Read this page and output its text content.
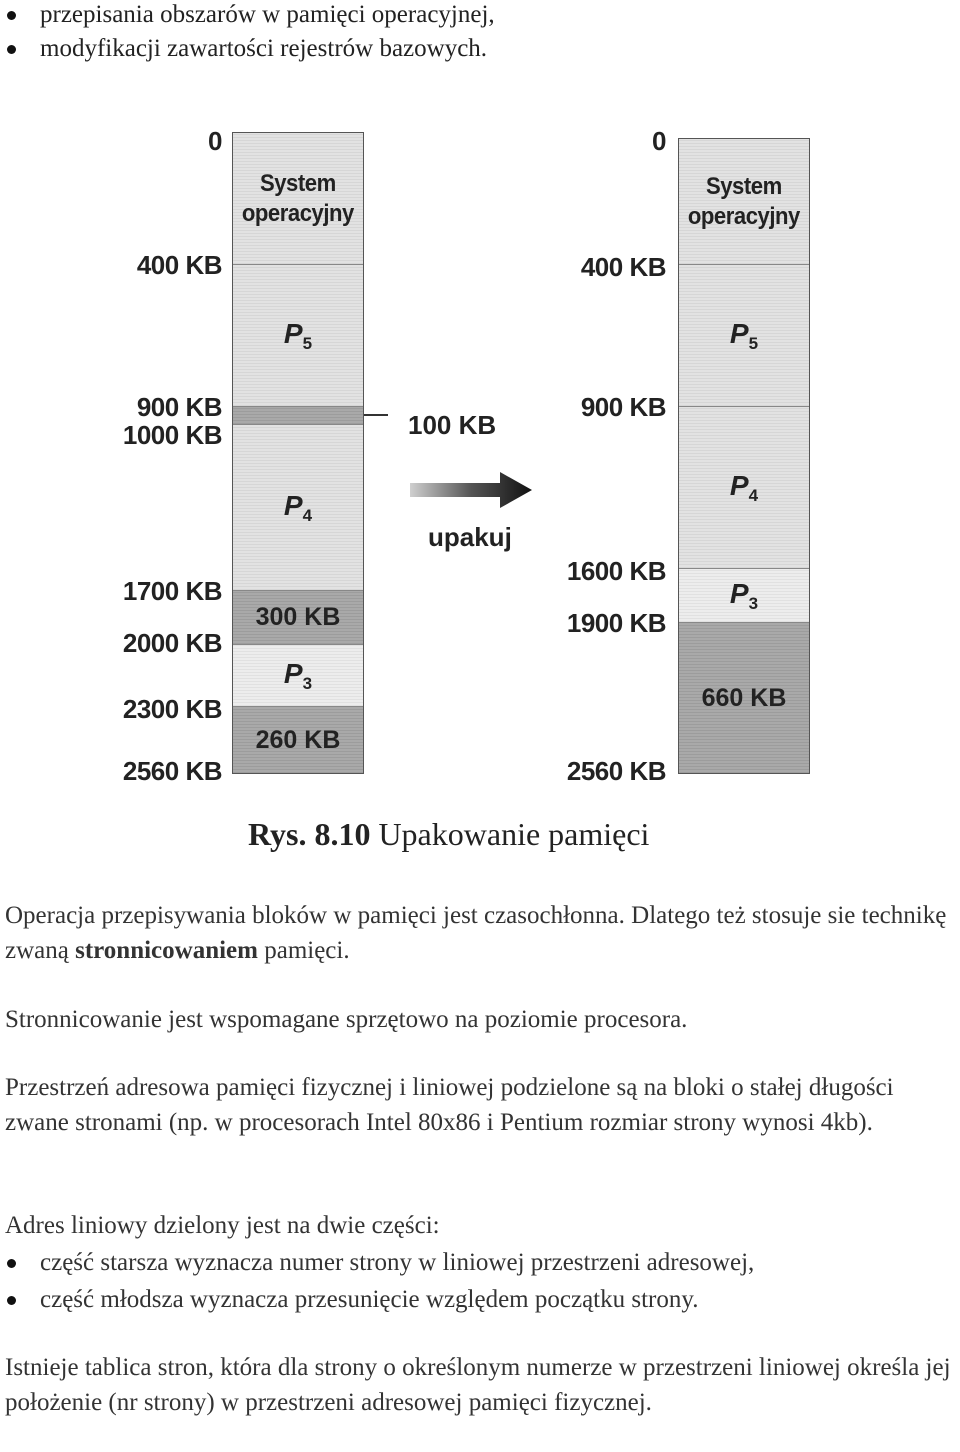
przepisania obszarów w pamięci operacyjnej,
modyfikacji zawartości rejestrów bazowych.
0
400 KB
900 KB
1000 KB
1700 KB
2000 KB
2300 KB
2560 KB
System
operacyjny
$P_5$
$P_4$
300 KB
$P_3$
260 KB
100 KB
upakuj
0
400 KB
900 KB
1600 KB
1900 KB
2560 KB
System
operacyjny
$P_5$
$P_4$
$P_3$
660 KB
Rys. 8.10 Upakowanie pamięci
Operacja przepisywania bloków w pamięci jest czasochłonna. Dlatego też stosuje sie technikę zwaną stronnicowaniem pamięci.
Stronnicowanie jest wspomagane sprzętowo na poziomie procesora.
Przestrzeń adresowa pamięci fizycznej i liniowej podzielone są na bloki o stałej długości zwane stronami (np. w procesorach Intel 80x86 i Pentium rozmiar strony wynosi 4kb).
Adres liniowy dzielony jest na dwie części:
część starsza wyznacza numer strony w liniowej przestrzeni adresowej,
część młodsza wyznacza przesunięcie względem początku strony.
Istnieje tablica stron, która dla strony o określonym numerze w przestrzeni liniowej określa jej położenie (nr strony) w przestrzeni adresowej pamięci fizycznej.
